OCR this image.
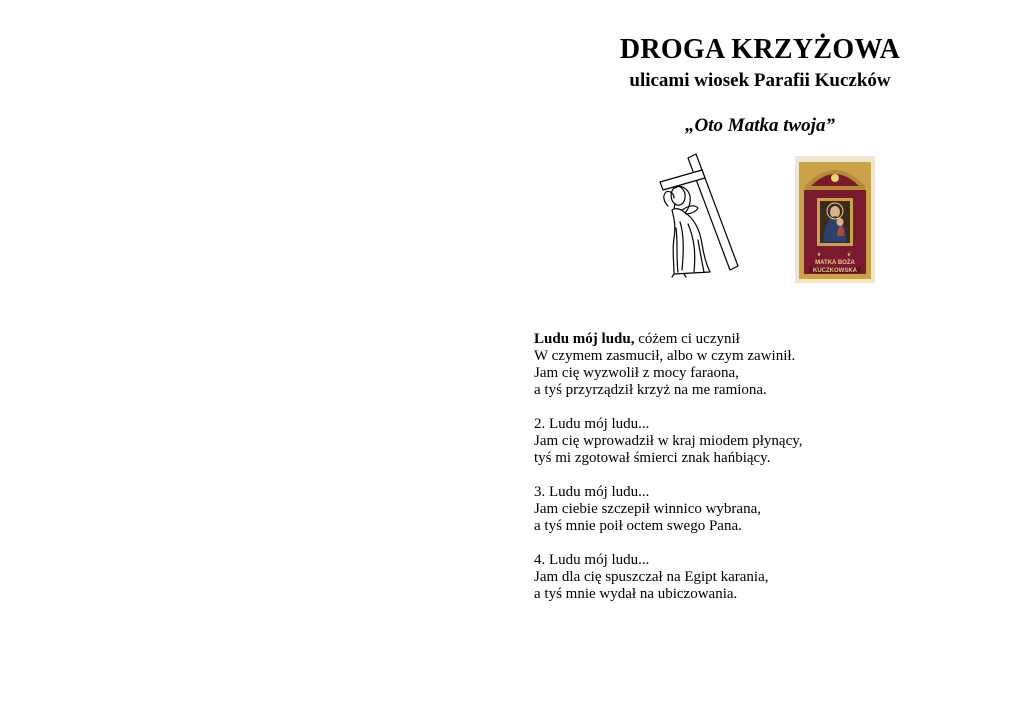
DROGA KRZYŻOWA
ulicami wiosek Parafii Kuczków
„Oto Matka twoja”
❦	❦
MATKA BOŻA
KUCZKOWSKA
Ludu mój ludu, cóżem ci uczynił
W czymem zasmucił, albo w czym zawinił.
Jam cię wyzwolił z mocy faraona,
a tyś przyrządził krzyż na me ramiona.
2. Ludu mój ludu...
Jam cię wprowadził w kraj miodem płynący,
tyś mi zgotował śmierci znak hańbiący.
3. Ludu mój ludu...
Jam ciebie szczepił winnico wybrana,
a tyś mnie poił octem swego Pana.
4. Ludu mój ludu...
Jam dla cię spuszczał na Egipt karania,
a tyś mnie wydał na ubiczowania.
